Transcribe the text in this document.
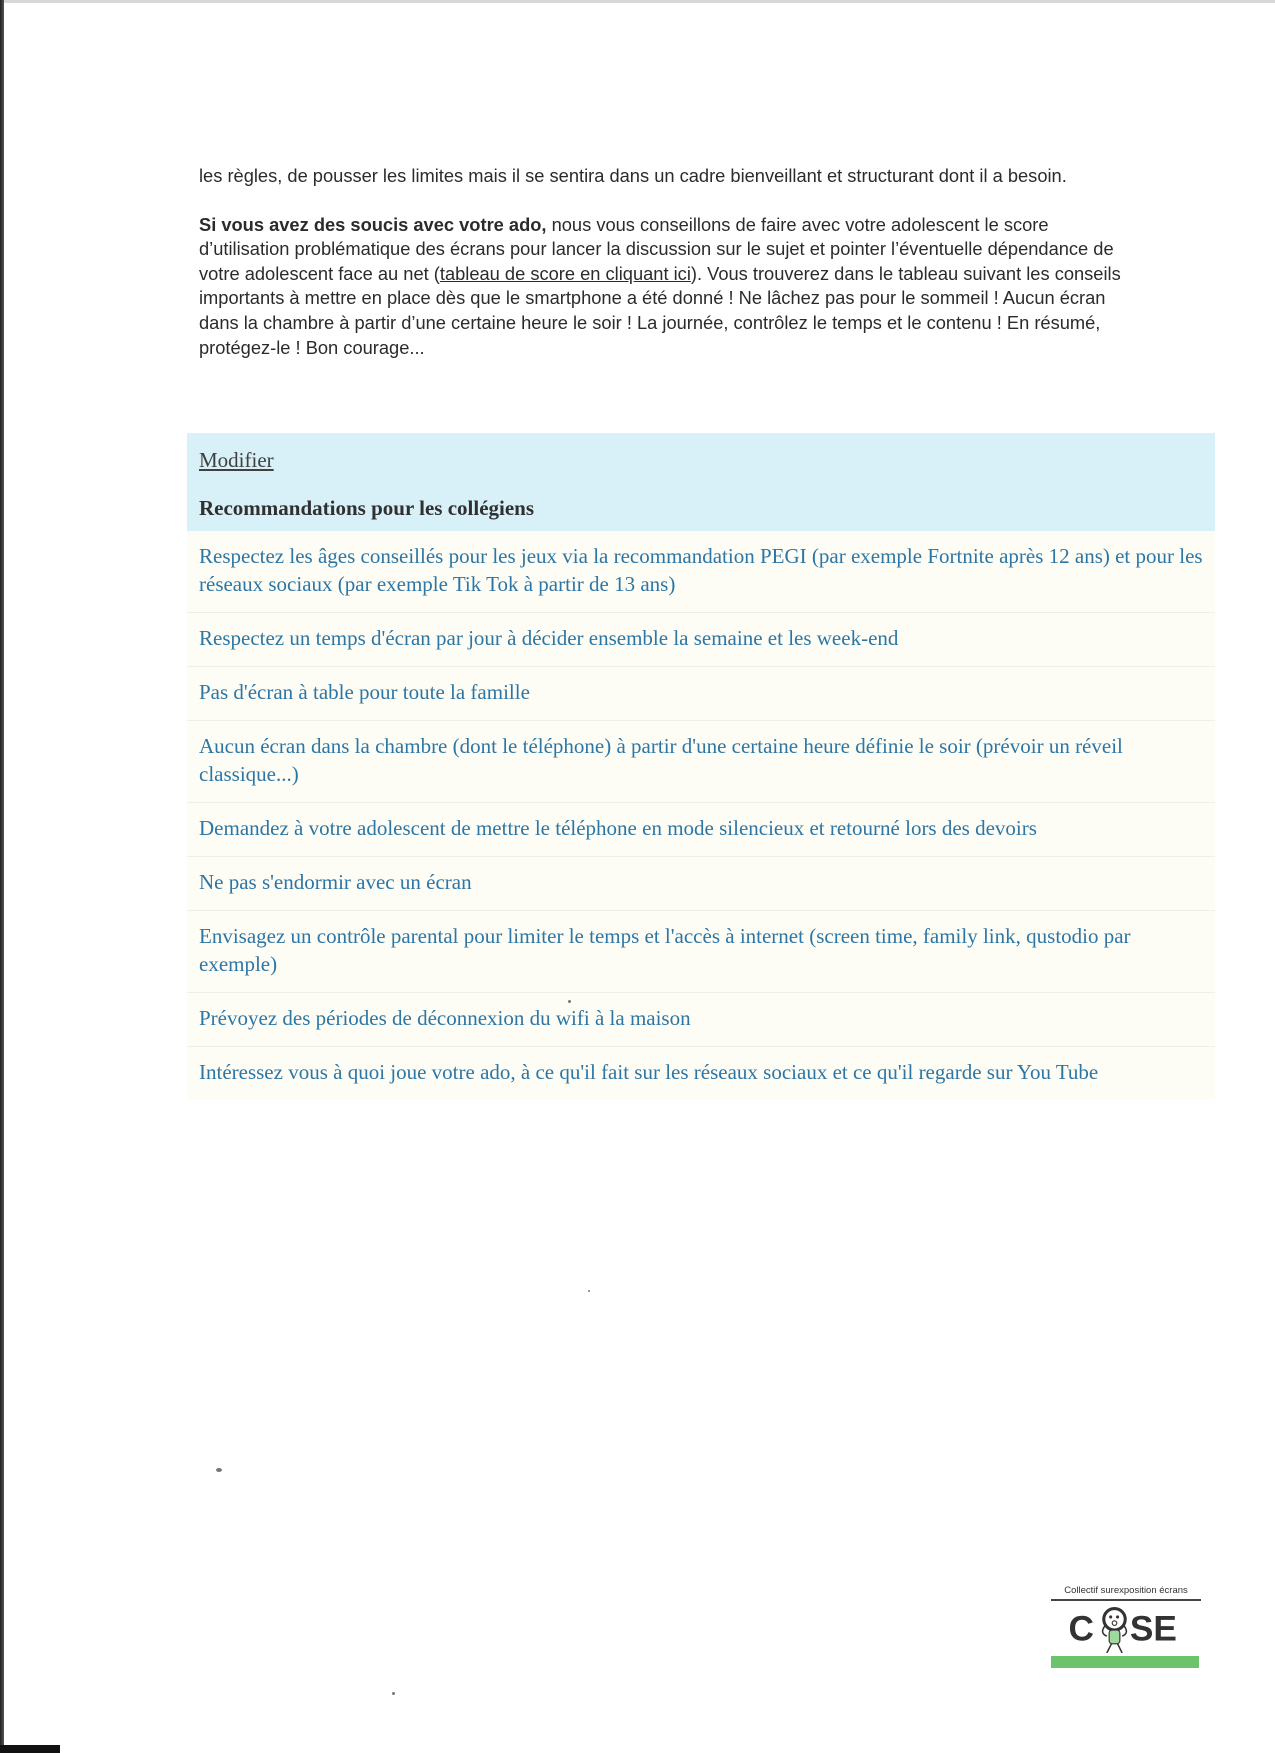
les règles, de pousser les limites mais il se sentira dans un cadre bienveillant et structurant dont il a besoin.

Si vous avez des soucis avec votre ado, nous vous conseillons de faire avec votre adolescent le score d’utilisation problématique des écrans pour lancer la discussion sur le sujet et pointer l’éventuelle dépendance de votre adolescent face au net (tableau de score en cliquant ici). Vous trouverez dans le tableau suivant les conseils importants à mettre en place dès que le smartphone a été donné ! Ne lâchez pas pour le sommeil ! Aucun écran dans la chambre à partir d’une certaine heure le soir ! La journée, contrôlez le temps et le contenu ! En résumé, protégez-le ! Bon courage...

Modifier
Recommandations pour les collégiens
Respectez les âges conseillés pour les jeux via la recommandation PEGI (par exemple Fortnite après 12 ans) et pour les réseaux sociaux (par exemple Tik Tok à partir de 13 ans)
Respectez un temps d'écran par jour à décider ensemble la semaine et les week-end
Pas d'écran à table pour toute la famille
Aucun écran dans la chambre (dont le téléphone) à partir d'une certaine heure définie le soir (prévoir un réveil classique...)
Demandez à votre adolescent de mettre le téléphone en mode silencieux et retourné lors des devoirs
Ne pas s'endormir avec un écran
Envisagez un contrôle parental pour limiter le temps et l'accès à internet (screen time, family link, qustodio par exemple)
Prévoyez des périodes de déconnexion du wifi à la maison
Intéressez vous à quoi joue votre ado, à ce qu'il fait sur les réseaux sociaux et ce qu'il regarde sur You Tube
Collectif surexposition écrans
C SE
